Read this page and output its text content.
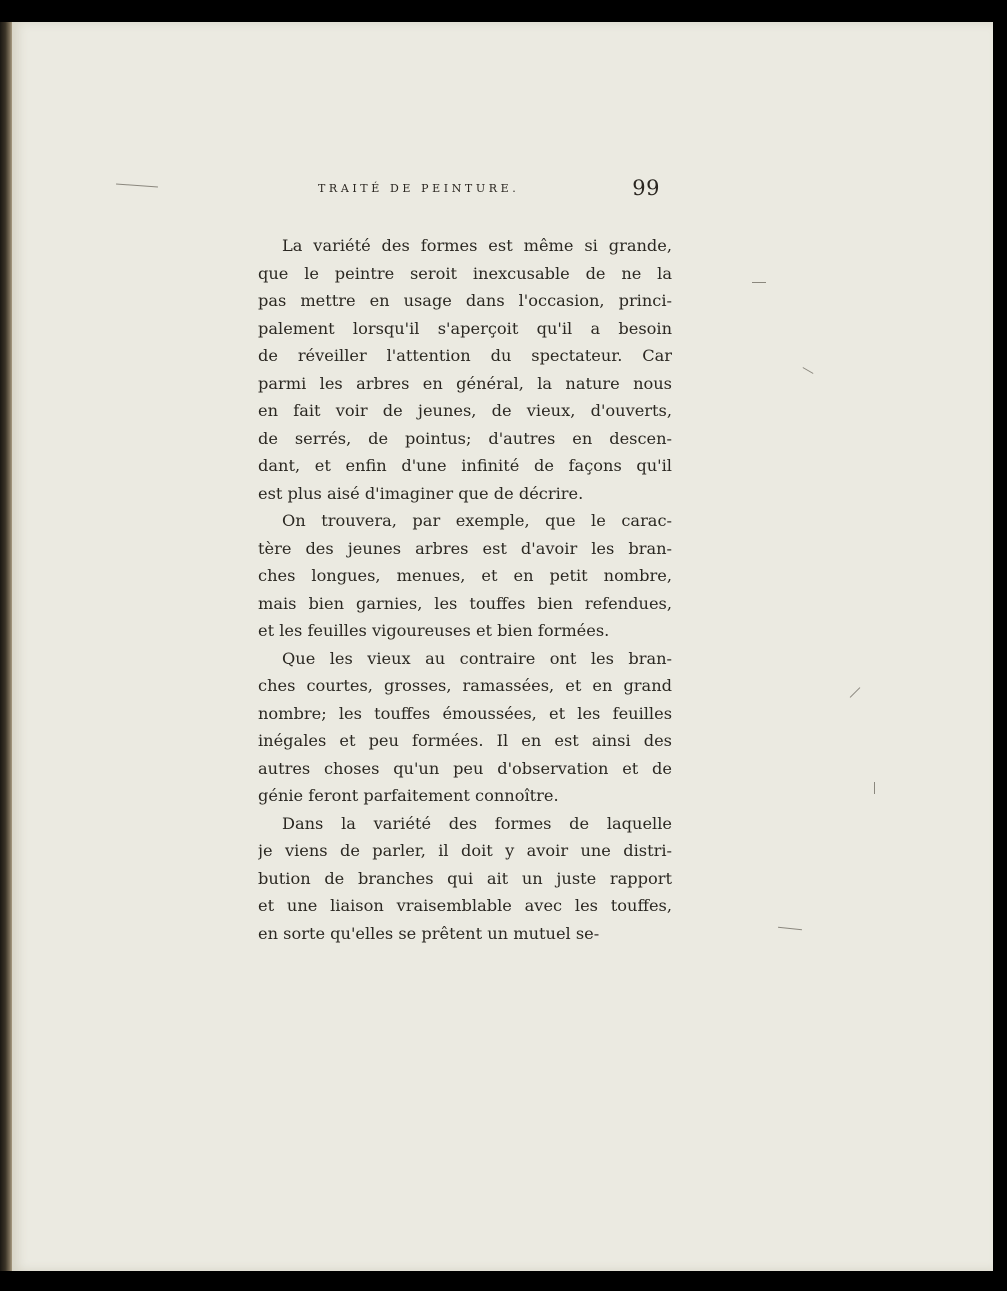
TRAITÉ DE PEINTURE.	99
La variété des formes est même si grande,
que le peintre seroit inexcusable de ne la
pas mettre en usage dans l'occasion, princi-
palement lorsqu'il s'aperçoit qu'il a besoin
de réveiller l'attention du spectateur. Car
parmi les arbres en général, la nature nous
en fait voir de jeunes, de vieux, d'ouverts,
de serrés, de pointus; d'autres en descen-
dant, et enfin d'une infinité de façons qu'il
est plus aisé d'imaginer que de décrire.
On trouvera, par exemple, que le carac-
tère des jeunes arbres est d'avoir les bran-
ches longues, menues, et en petit nombre,
mais bien garnies, les touffes bien refendues,
et les feuilles vigoureuses et bien formées.
Que les vieux au contraire ont les bran-
ches courtes, grosses, ramassées, et en grand
nombre; les touffes émoussées, et les feuilles
inégales et peu formées. Il en est ainsi des
autres choses qu'un peu d'observation et de
génie feront parfaitement connoître.
Dans la variété des formes de laquelle
je viens de parler, il doit y avoir une distri-
bution de branches qui ait un juste rapport
et une liaison vraisemblable avec les touffes,
en sorte qu'elles se prêtent un mutuel se-
